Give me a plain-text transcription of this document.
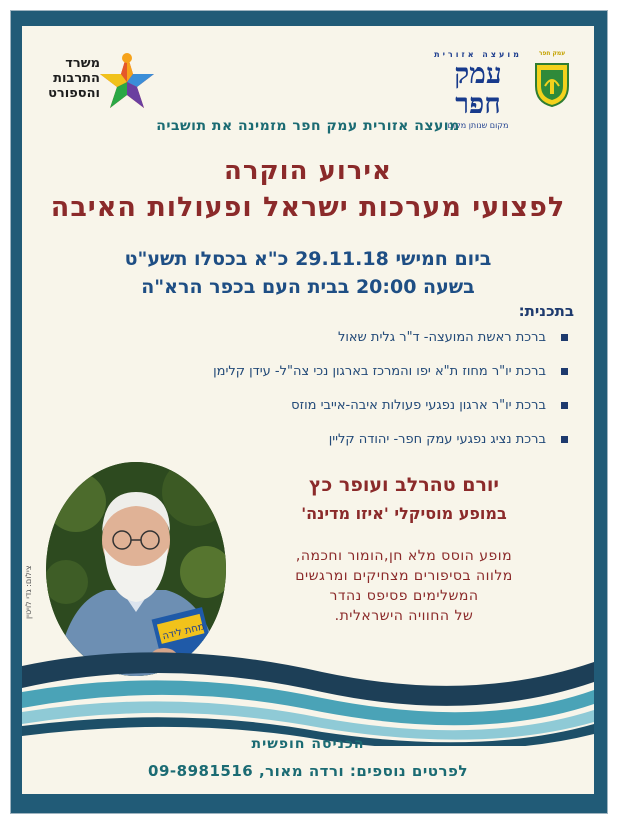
משרד
התרבות
והספורט
מועצה אזורית
עמק חפר
מקום שנותן מקום
עמק חפר
מועצה אזורית עמק חפר מזמינה את תושביה
אירוע הוקרה
לפצועי מערכות ישראל ופעולות האיבה
ביום חמישי 29.11.18 כ"א בכסלו תשע"ט
בשעה 20:00 בבית העם בכפר הרא"ה
בתכנית:
ברכת ראשת המועצה- ד"ר גלית שאול
ברכת יו"ר מחוז ת"א יפו והמרכז בארגון נכי צה"ל- עידן קלימן
ברכת יו"ר ארגון נפגעי פעולות איבה-אייבי מוזס
ברכת נציג נפגעי עמק חפר- יהודה קליין
יורם טהרלב ועופר כץ
במופע מוסיקלי 'איזו מדינה'
מופע הוסס מלא חן,הומור וחכמה,
מלווה בסיפורים מצחיקים ומרגשים
המשלימים פסיפס נהדר
של החוויה הישראלית.
מחת לידה
צילום: גדי לויטין
הכניסה חופשית
לפרטים נוספים: ורדה מאור, 09-8981516
